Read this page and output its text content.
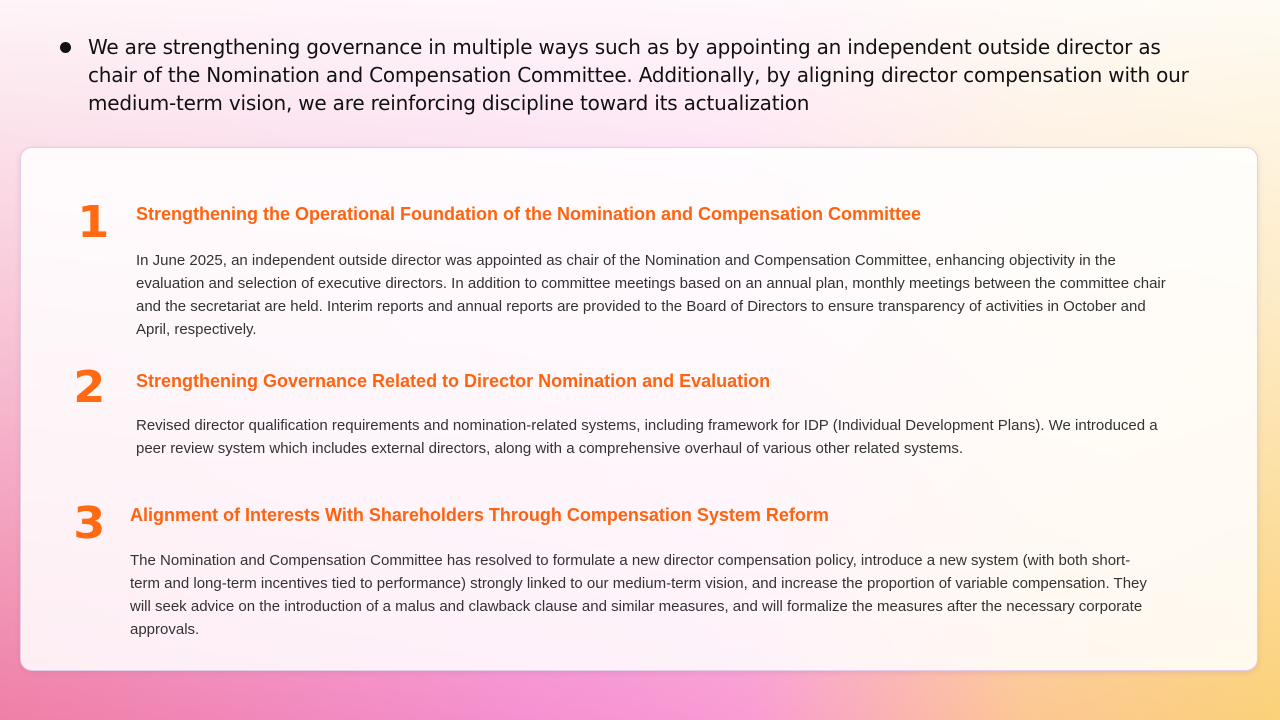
We are strengthening governance in multiple ways such as by appointing an independent outside director as chair of the Nomination and Compensation Committee. Additionally, by aligning director compensation with our medium-term vision, we are reinforcing discipline toward its actualization
1 Strengthening the Operational Foundation of the Nomination and Compensation Committee
In June 2025, an independent outside director was appointed as chair of the Nomination and Compensation Committee, enhancing objectivity in the evaluation and selection of executive directors. In addition to committee meetings based on an annual plan, monthly meetings between the committee chair and the secretariat are held. Interim reports and annual reports are provided to the Board of Directors to ensure transparency of activities in October and April, respectively.
2 Strengthening Governance Related to Director Nomination and Evaluation
Revised director qualification requirements and nomination-related systems, including framework for IDP (Individual Development Plans). We introduced a peer review system which includes external directors, along with a comprehensive overhaul of various other related systems.
3 Alignment of Interests With Shareholders Through Compensation System Reform
The Nomination and Compensation Committee has resolved to formulate a new director compensation policy, introduce a new system (with both short-term and long-term incentives tied to performance) strongly linked to our medium-term vision, and increase the proportion of variable compensation. They will seek advice on the introduction of a malus and clawback clause and similar measures, and will formalize the measures after the necessary corporate approvals.
